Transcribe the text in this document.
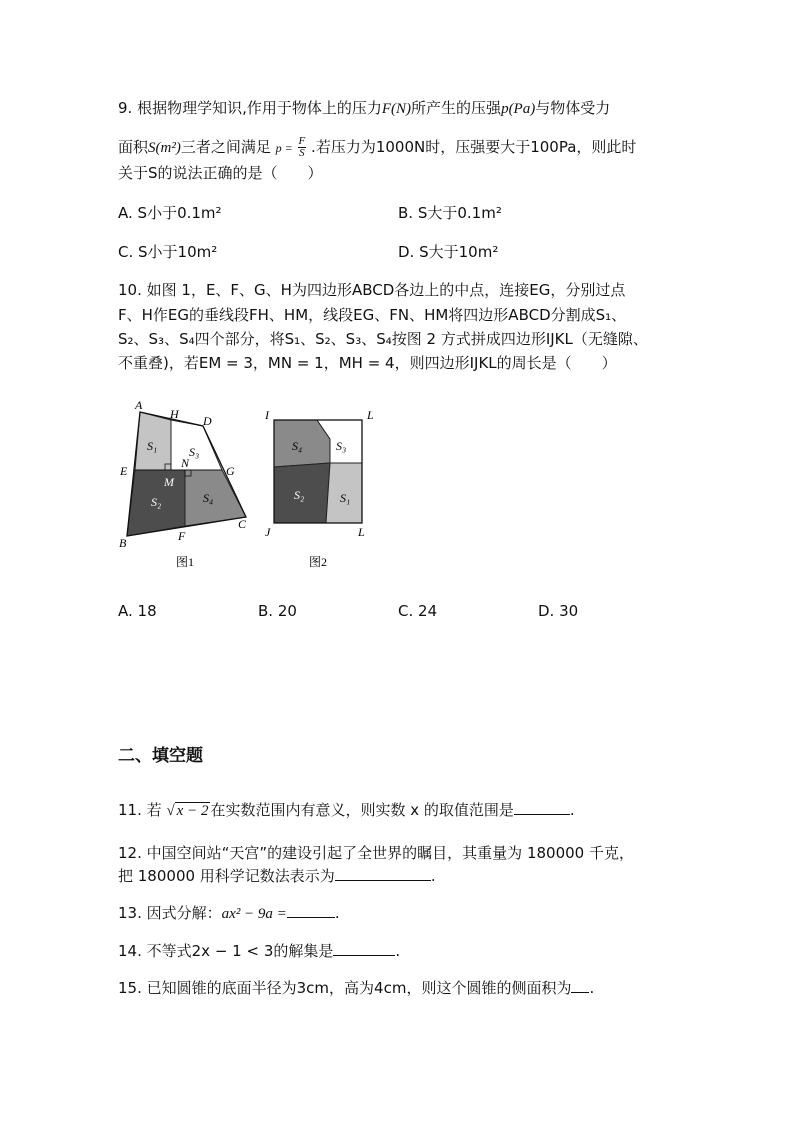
9. 根据物理学知识,作用于物体上的压力F(N)所产生的压强p(Pa)与物体受力
面积S(m²)三者之间满足 $p = \frac{F}{S}$ .若压力为1000N时，压强要大于100Pa，则此时
关于S的说法正确的是（　　）
A. S小于0.1m²	B. S大于0.1m²
C. S小于10m²	D. S大于10m²
10. 如图 1，E、F、G、H为四边形ABCD各边上的中点，连接EG，分别过点
F、H作EG的垂线段FH、HM，线段EG、FN、HM将四边形ABCD分割成S₁、
S₂、S₃、S₄四个部分，将S₁、S₂、S₃、S₄按图 2 方式拼成四边形IJKL（无缝隙、
不重叠)，若EM = 3，MN = 1，MH = 4，则四边形IJKL的周长是（　　）
A
H D
E
N
G
M
B	F
C
S₁	S₃
S₂	S₄
图1
I	L
J	L
S₄	S₃
S₂	S₁
图2
A. 18	B. 20	C. 24	D. 30
二、填空题
11. 若 √ x − 2 在实数范围内有意义，则实数 x 的取值范围是	.
12. 中国空间站“天宫”的建设引起了全世界的瞩目，其重量为 180000 千克，
把 180000 用科学记数法表示为	.
13. 因式分解：ax² − 9a =	.
14. 不等式2x − 1 < 3的解集是	.
15. 已知圆锥的底面半径为3cm，高为4cm，则这个圆锥的侧面积为 .
